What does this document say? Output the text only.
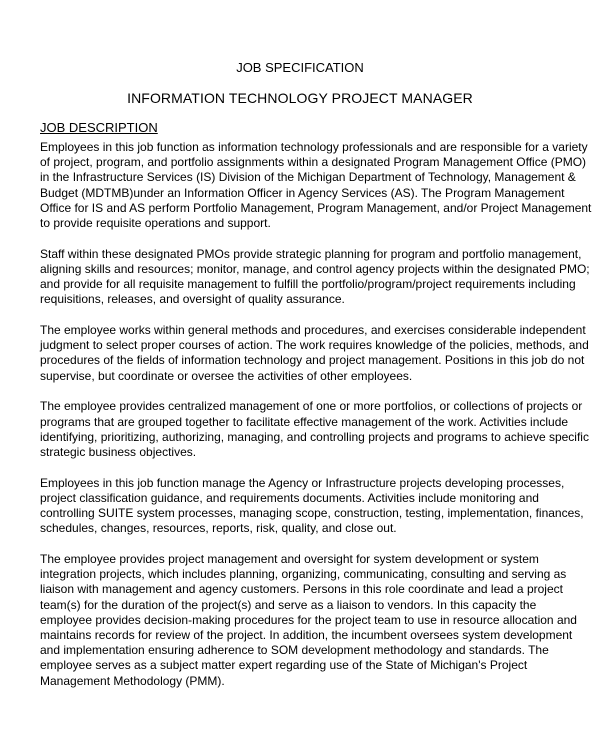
JOB SPECIFICATION
INFORMATION TECHNOLOGY PROJECT MANAGER
JOB DESCRIPTION
Employees in this job function as information technology professionals and are responsible for a variety
of project, program, and portfolio assignments within a designated Program Management Office (PMO)
in the Infrastructure Services (IS) Division of the Michigan Department of Technology, Management &
Budget (MDTMB)under an Information Officer in Agency Services (AS). The Program Management
Office for IS and AS perform Portfolio Management, Program Management, and/or Project Management
to provide requisite operations and support.
Staff within these designated PMOs provide strategic planning for program and portfolio management,
aligning skills and resources; monitor, manage, and control agency projects within the designated PMO;
and provide for all requisite management to fulfill the portfolio/program/project requirements including
requisitions, releases, and oversight of quality assurance.
The employee works within general methods and procedures, and exercises considerable independent
judgment to select proper courses of action. The work requires knowledge of the policies, methods, and
procedures of the fields of information technology and project management. Positions in this job do not
supervise, but coordinate or oversee the activities of other employees.
The employee provides centralized management of one or more portfolios, or collections of projects or
programs that are grouped together to facilitate effective management of the work. Activities include
identifying, prioritizing, authorizing, managing, and controlling projects and programs to achieve specific
strategic business objectives.
Employees in this job function manage the Agency or Infrastructure projects developing processes,
project classification guidance, and requirements documents. Activities include monitoring and
controlling SUITE system processes, managing scope, construction, testing, implementation, finances,
schedules, changes, resources, reports, risk, quality, and close out.
The employee provides project management and oversight for system development or system
integration projects, which includes planning, organizing, communicating, consulting and serving as
liaison with management and agency customers. Persons in this role coordinate and lead a project
team(s) for the duration of the project(s) and serve as a liaison to vendors. In this capacity the
employee provides decision-making procedures for the project team to use in resource allocation and
maintains records for review of the project. In addition, the incumbent oversees system development
and implementation ensuring adherence to SOM development methodology and standards. The
employee serves as a subject matter expert regarding use of the State of Michigan's Project
Management Methodology (PMM).
